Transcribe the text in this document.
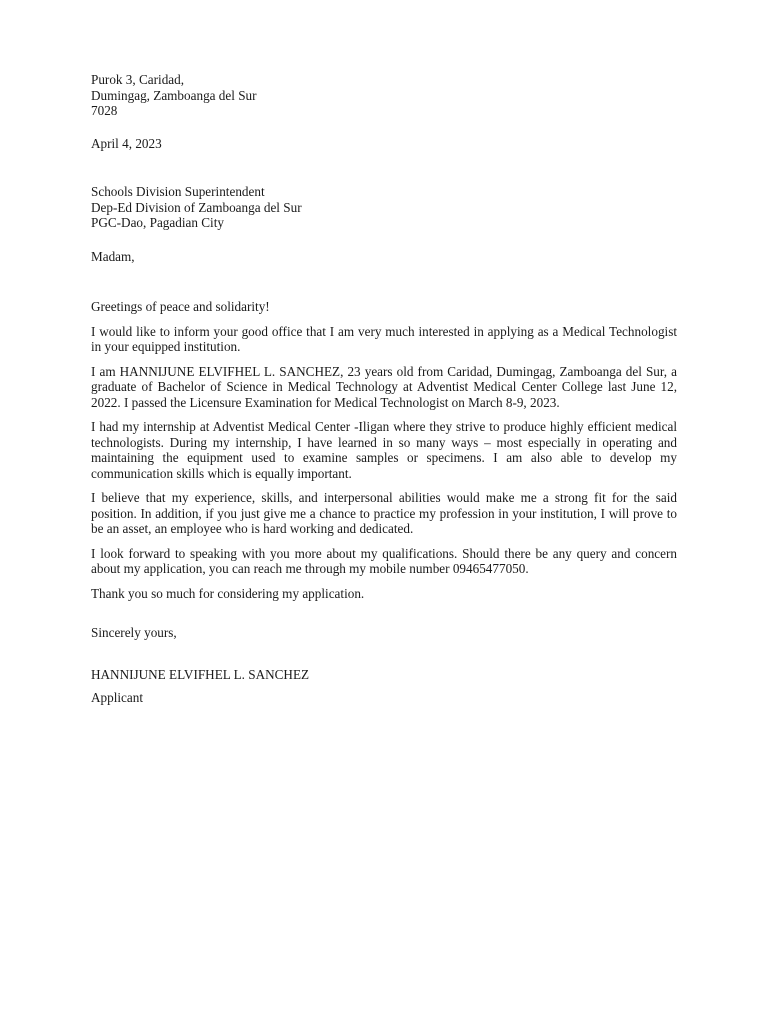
Purok 3, Caridad,
Dumingag, Zamboanga del Sur
7028
April 4, 2023
Schools Division Superintendent
Dep-Ed Division of Zamboanga del Sur
PGC-Dao, Pagadian City
Madam,
Greetings of peace and solidarity!

I would like to inform your good office that I am very much interested in applying as a Medical Technologist in your equipped institution.

I am HANNIJUNE ELVIFHEL L. SANCHEZ, 23 years old from Caridad, Dumingag, Zamboanga del Sur, a graduate of Bachelor of Science in Medical Technology at Adventist Medical Center College last June 12, 2022. I passed the Licensure Examination for Medical Technologist on March 8-9, 2023.

I had my internship at Adventist Medical Center -Iligan where they strive to produce highly efficient medical technologists. During my internship, I have learned in so many ways – most especially in operating and maintaining the equipment used to examine samples or specimens. I am also able to develop my communication skills which is equally important.

I believe that my experience, skills, and interpersonal abilities would make me a strong fit for the said position. In addition, if you just give me a chance to practice my profession in your institution, I will prove to be an asset, an employee who is hard working and dedicated.

I look forward to speaking with you more about my qualifications. Should there be any query and concern about my application, you can reach me through my mobile number 09465477050.

Thank you so much for considering my application.

Sincerely yours,
HANNIJUNE ELVIFHEL L. SANCHEZ
Applicant
